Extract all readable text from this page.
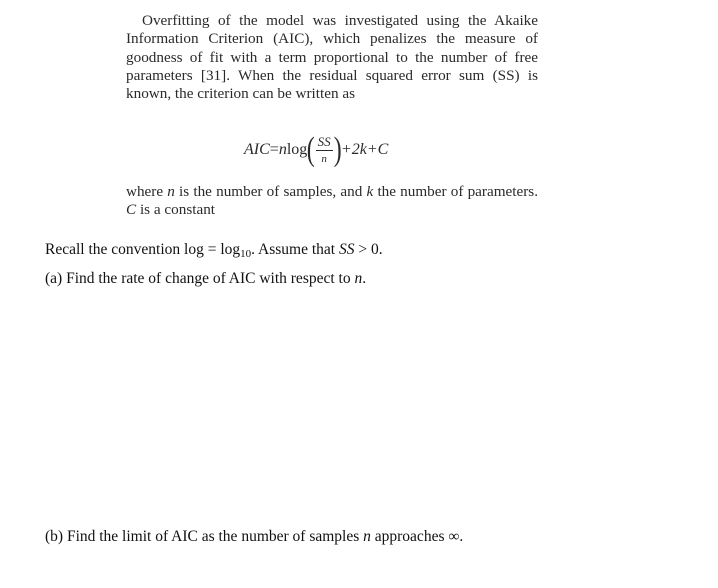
Overfitting of the model was investigated using the Akaike Information Criterion (AIC), which penalizes the measure of goodness of fit with a term proportional to the number of free parameters [31]. When the residual squared error sum (SS) is known, the criterion can be written as

AIC = n log ( $\frac{SS}{n}$ ) +2k+C

where n is the number of samples, and k the number of parameters. C is a constant

Recall the convention $\log = \log_{10}$. Assume that SS > 0.
(a) Find the rate of change of AIC with respect to n.
(b) Find the limit of AIC as the number of samples n approaches ∞.
